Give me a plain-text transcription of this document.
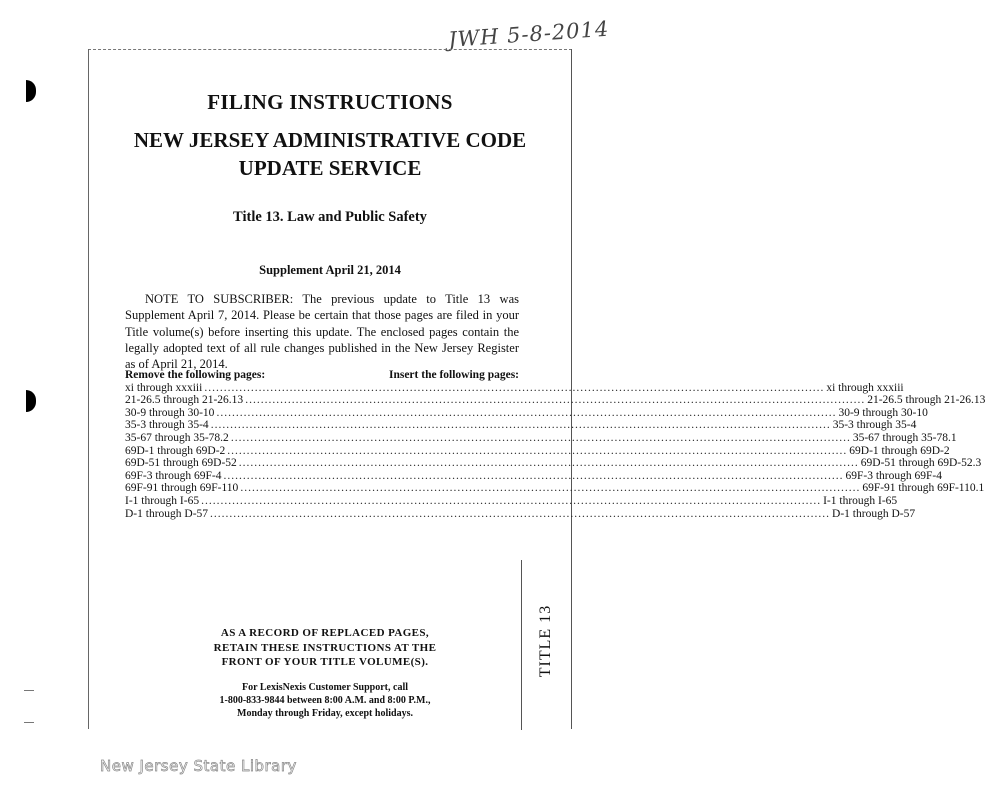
JWH 5-8-2014
TITLE 13
FILING INSTRUCTIONS
NEW JERSEY ADMINISTRATIVE CODE
UPDATE SERVICE
Title 13. Law and Public Safety
Supplement April 21, 2014

NOTE TO SUBSCRIBER: The previous update to Title 13 was Supplement April 7, 2014. Please be certain that those pages are filed in your Title volume(s) before inserting this update. The enclosed pages contain the legally adopted text of all rule changes published in the New Jersey Register as of April 21, 2014.

Remove the following pages:	Insert the following pages:
xi through xxxiii ................................................................................................................................................................ xi through xxxiii
21-26.5 through 21-26.13 ................................................................................................................................................................ 21-26.5 through 21-26.13
30-9 through 30-10 ................................................................................................................................................................ 30-9 through 30-10
35-3 through 35-4 ................................................................................................................................................................ 35-3 through 35-4
35-67 through 35-78.2 ................................................................................................................................................................ 35-67 through 35-78.1
69D-1 through 69D-2 ................................................................................................................................................................ 69D-1 through 69D-2
69D-51 through 69D-52 ................................................................................................................................................................ 69D-51 through 69D-52.3
69F-3 through 69F-4 ................................................................................................................................................................ 69F-3 through 69F-4
69F-91 through 69F-110 ................................................................................................................................................................ 69F-91 through 69F-110.1
I-1 through I-65 ................................................................................................................................................................ I-1 through I-65
D-1 through D-57 ................................................................................................................................................................ D-1 through D-57
AS A RECORD OF REPLACED PAGES,
RETAIN THESE INSTRUCTIONS AT THE
FRONT OF YOUR TITLE VOLUME(S).
For LexisNexis Customer Support, call
1-800-833-9844 between 8:00 A.M. and 8:00 P.M.,
Monday through Friday, except holidays.
New Jersey State Library
